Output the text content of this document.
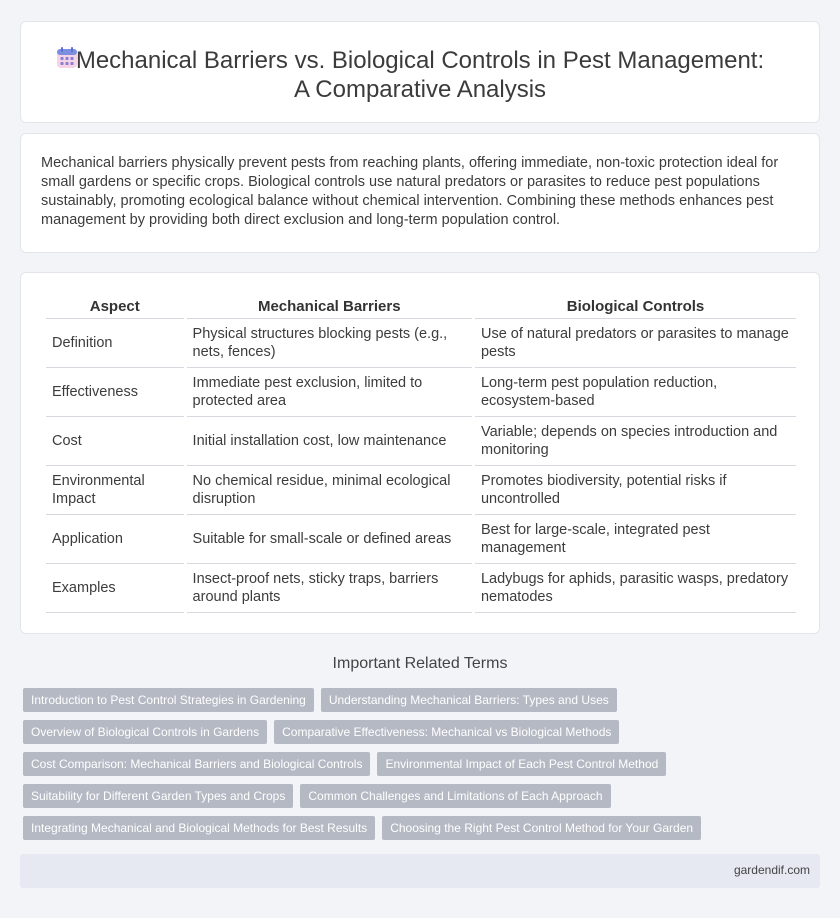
Mechanical Barriers vs. Biological Controls in Pest Management:
A Comparative Analysis

Mechanical barriers physically prevent pests from reaching plants, offering immediate, non-toxic protection ideal for small gardens or specific crops. Biological controls use natural predators or parasites to reduce pest populations sustainably, promoting ecological balance without chemical intervention. Combining these methods enhances pest management by providing both direct exclusion and long-term population control.

Aspect	Mechanical Barriers	Biological Controls
Definition	Physical structures blocking pests (e.g., nets, fences)	Use of natural predators or parasites to manage pests
Effectiveness	Immediate pest exclusion, limited to protected area	Long-term pest population reduction, ecosystem-based
Cost	Initial installation cost, low maintenance	Variable; depends on species introduction and monitoring
Environmental Impact	No chemical residue, minimal ecological disruption	Promotes biodiversity, potential risks if uncontrolled
Application	Suitable for small-scale or defined areas	Best for large-scale, integrated pest management
Examples	Insect-proof nets, sticky traps, barriers around plants	Ladybugs for aphids, parasitic wasps, predatory nematodes
Important Related Terms
Introduction to Pest Control Strategies in Gardening	Understanding Mechanical Barriers: Types and Uses
Overview of Biological Controls in Gardens	Comparative Effectiveness: Mechanical vs Biological Methods
Cost Comparison: Mechanical Barriers and Biological Controls	Environmental Impact of Each Pest Control Method
Suitability for Different Garden Types and Crops	Common Challenges and Limitations of Each Approach
Integrating Mechanical and Biological Methods for Best Results	Choosing the Right Pest Control Method for Your Garden
gardendif.com
